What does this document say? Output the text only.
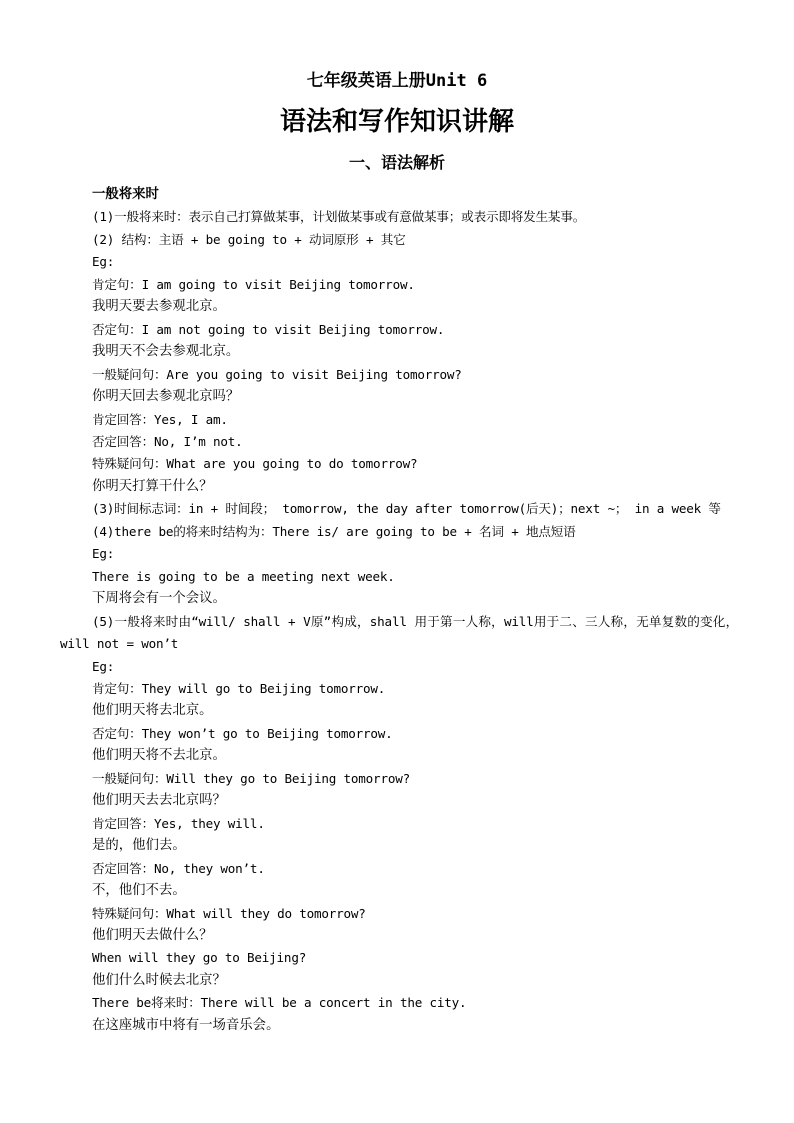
七年级英语上册Unit 6
语法和写作知识讲解
一、语法解析

一般将来时

(1)一般将来时：表示自己打算做某事，计划做某事或有意做某事；或表示即将发生某事。

(2) 结构：主语 + be going to + 动词原形 + 其它

Eg:

肯定句：I am going to visit Beijing tomorrow.

我明天要去参观北京。

否定句：I am not going to visit Beijing tomorrow.

我明天不会去参观北京。

一般疑问句：Are you going to visit Beijing tomorrow?

你明天回去参观北京吗？

肯定回答：Yes, I am.

否定回答：No, I’m not.

特殊疑问句：What are you going to do tomorrow?

你明天打算干什么？

(3)时间标志词：in + 时间段； tomorrow, the day after tomorrow(后天)；next ~； in a week 等

(4)there be的将来时结构为：There is/ are going to be + 名词 + 地点短语

Eg:

There is going to be a meeting next week.

下周将会有一个会议。

(5)一般将来时由“will/ shall + V原”构成，shall 用于第一人称，will用于二、三人称，无单复数的变化， will not = won’t

Eg:

肯定句：They will go to Beijing tomorrow.

他们明天将去北京。

否定句：They won’t go to Beijing tomorrow.

他们明天将不去北京。

一般疑问句：Will they go to Beijing tomorrow?

他们明天去去北京吗？

肯定回答：Yes, they will.

是的，他们去。

否定回答：No, they won’t.

不，他们不去。

特殊疑问句：What will they do tomorrow?

他们明天去做什么？

When will they go to Beijing?

他们什么时候去北京？

There be将来时：There will be a concert in the city.

在这座城市中将有一场音乐会。
